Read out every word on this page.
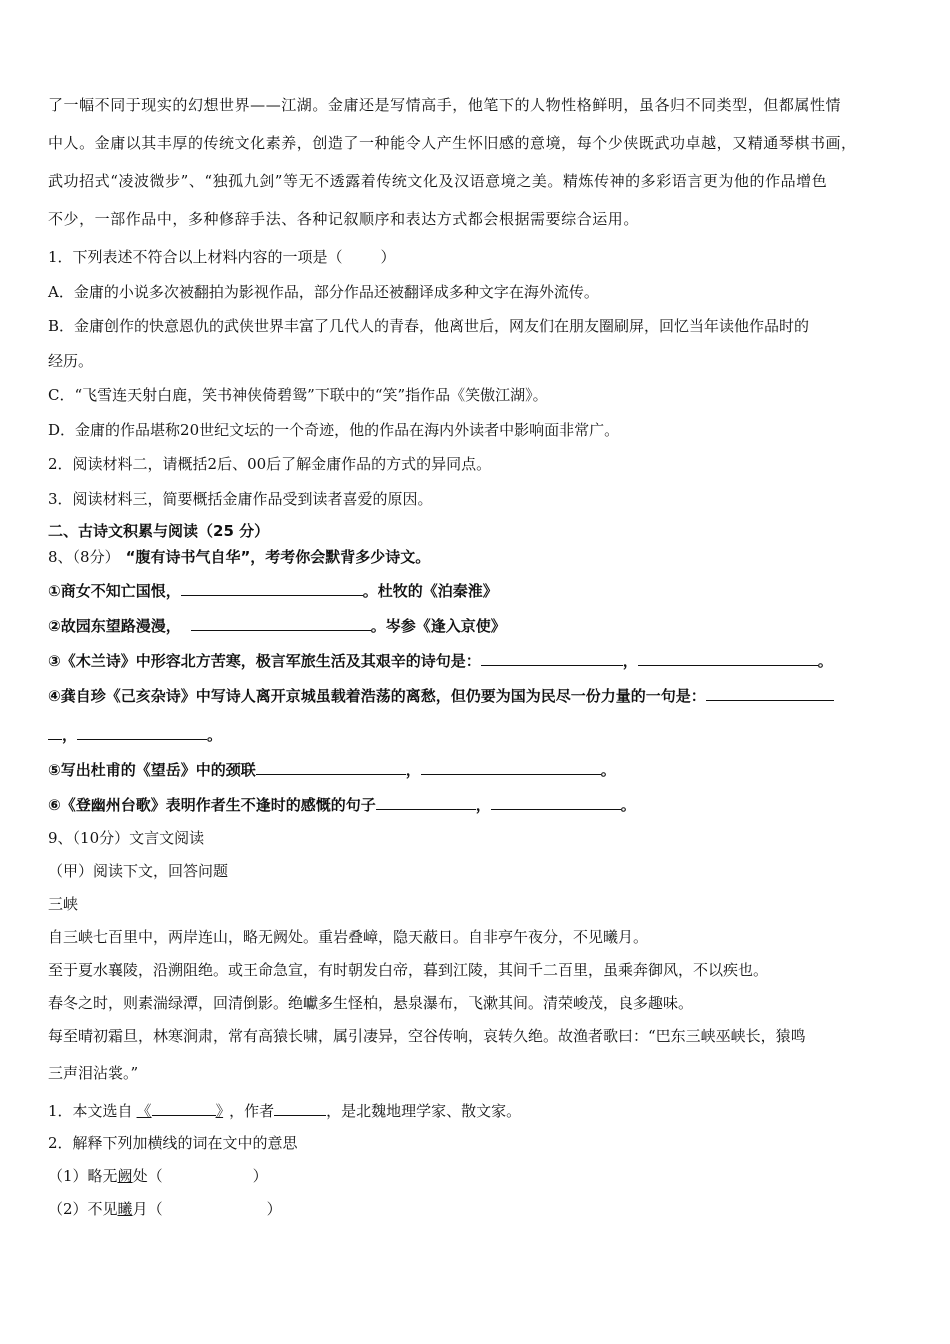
了一幅不同于现实的幻想世界——江湖。金庸还是写情高手，他笔下的人物性格鲜明，虽各归不同类型，但都属性情

中人。金庸以其丰厚的传统文化素养，创造了一种能令人产生怀旧感的意境，每个少侠既武功卓越，又精通琴棋书画，

武功招式“凌波微步”、“独孤九剑”等无不透露着传统文化及汉语意境之美。精炼传神的多彩语言更为他的作品增色

不少，一部作品中，多种修辞手法、各种记叙顺序和表达方式都会根据需要综合运用。

1．下列表述不符合以上材料内容的一项是（	）

A．金庸的小说多次被翻拍为影视作品，部分作品还被翻译成多种文字在海外流传。

B．金庸创作的快意恩仇的武侠世界丰富了几代人的青春，他离世后，网友们在朋友圈刷屏，回忆当年读他作品时的

经历。

C．“飞雪连天射白鹿，笑书神侠倚碧鸳”下联中的“笑”指作品《笑傲江湖》。

D．金庸的作品堪称20世纪文坛的一个奇迹，他的作品在海内外读者中影响面非常广。

2．阅读材料二，请概括2后、00后了解金庸作品的方式的异同点。

3．阅读材料三，简要概括金庸作品受到读者喜爱的原因。

二、古诗文积累与阅读（25 分）

8、（8分） “腹有诗书气自华”，考考你会默背多少诗文。

①商女不知亡国恨，	。杜牧的《泊秦淮》

②故园东望路漫漫，	。岑参《逢入京使》

③《木兰诗》中形容北方苦寒，极言军旅生活及其艰辛的诗句是：	，	。

④龚自珍《己亥杂诗》中写诗人离开京城虽载着浩荡的离愁，但仍要为国为民尽一份力量的一句是：

，	。

⑤写出杜甫的《望岳》中的颈联	，	。

⑥《登幽州台歌》表明作者生不逢时的感慨的句子	，	。

9、（10分）文言文阅读

（甲）阅读下文，回答问题

三峡

自三峡七百里中，两岸连山，略无阙处。重岩叠嶂，隐天蔽日。自非亭午夜分，不见曦月。

至于夏水襄陵，沿溯阻绝。或王命急宣，有时朝发白帝，暮到江陵，其间千二百里，虽乘奔御风，不以疾也。

春冬之时，则素湍绿潭，回清倒影。绝巘多生怪柏，悬泉瀑布，飞漱其间。清荣峻茂，良多趣味。

每至晴初霜旦，林寒涧肃，常有高猿长啸，属引凄异，空谷传响，哀转久绝。故渔者歌曰：“巴东三峡巫峡长，猿鸣

三声泪沾裳。”

1．本文选自 《	》 ，作者	，是北魏地理学家、散文家。

2．解释下列加横线的词在文中的意思

（1）略无阙处（	）

（2）不见曦月（	）
